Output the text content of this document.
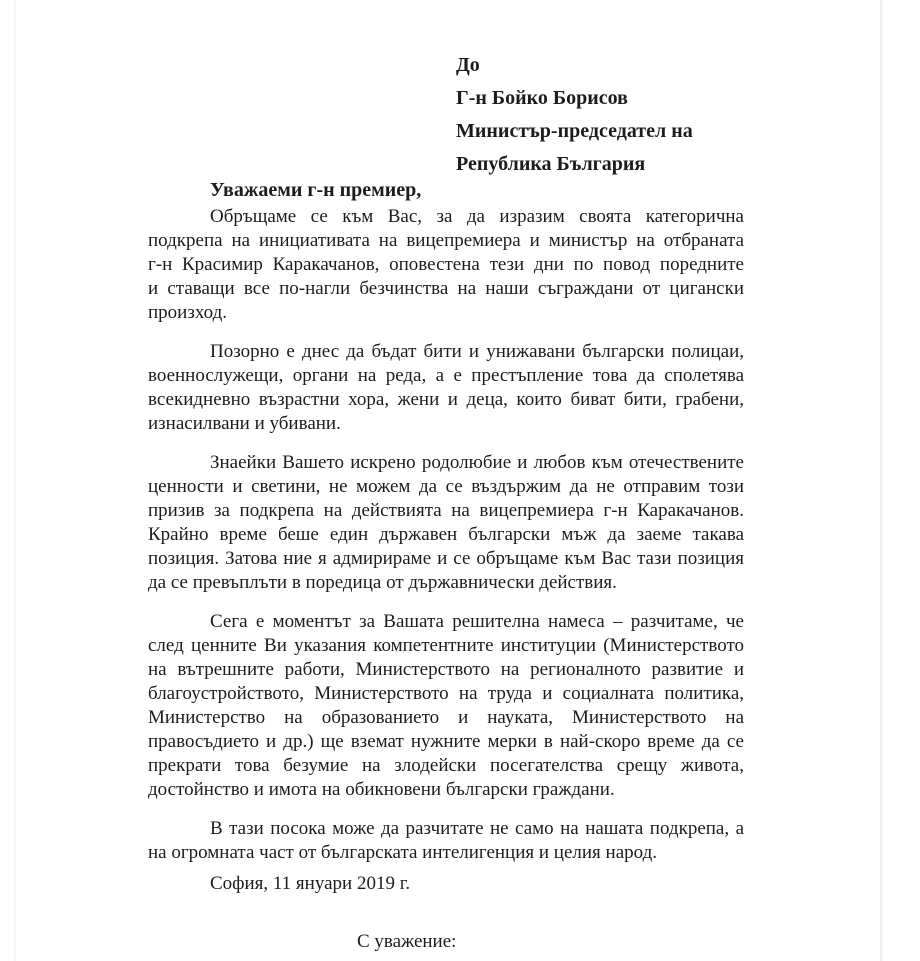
До
Г-н Бойко Борисов
Министър-председател на
Република България
Уважаеми г-н премиер,

Обръщаме се към Вас, за да изразим своята категорична подкрепа на инициативата на вицепремиера и министър на отбраната г-н Красимир Каракачанов, оповестена тези дни по повод поредните и ставащи все по-нагли безчинства на наши съграждани от цигански произход.

Позорно е днес да бъдат бити и унижавани български полицаи, военнослужещи, органи на реда, а е престъпление това да сполетява всекидневно възрастни хора, жени и деца, които биват бити, грабени, изнасилвани и убивани.

Знаейки Вашето искрено родолюбие и любов към отечествените ценности и светини, не можем да се въздържим да не отправим този призив за подкрепа на действията на вицепремиера г-н Каракачанов. Крайно време беше един държавен български мъж да заеме такава позиция. Затова ние я адмирираме и се обръщаме към Вас тази позиция да се превъплъти в поредица от държавнически действия.

Сега е моментът за Вашата решителна намеса – разчитаме, че след ценните Ви указания компетентните институции (Министерството на вътрешните работи, Министерството на регионалното развитие и благоустройството, Министерството на труда и социалната политика, Министерство на образованието и науката, Министерството на правосъдието и др.) ще вземат нужните мерки в най-скоро време да се прекрати това безумие на злодейски посегателства срещу живота, достойнство и имота на обикновени български граждани.

В тази посока може да разчитате не само на нашата подкрепа, а на огромната част от българската интелигенция и целия народ.

София, 11 януари 2019 г.
С уважение:
